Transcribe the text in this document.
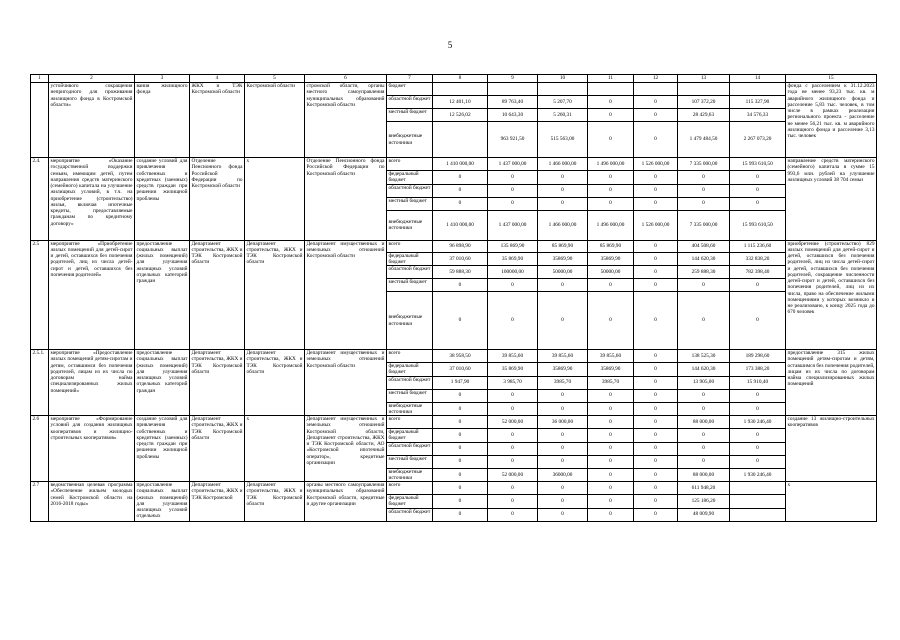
5
1	2	3	4	5	6	7	8	9	10	11	12	13	14	15
	устойчивого сокращения непригодного для проживания жилищного фонда в Костромской области»	вания жилищного фонда	ЖКХ и ТЭК Костромской области	Костромской области	стромской области, органы местного самоуправления муниципальных образований Костромской области	бюджет								фонда с расселением к 31.12.2023 года не менее 93,23 тыс. кв. м аварийного жилищного фонда и расселение 5,83 тыс. человек, в том числе в рамках реализации регионального проекта - расселение не менее 56,21 тыс. кв. м аварийного жилищного фонда и расселение 3,13 тыс. человек
						областной бюджет	12 401,10	89 763,40	5 207,70	0	0	107 372,20	115 327,90	
						местный бюджет	12 526,02	10 643,30	5 260,31	0	0	28 429,63	34 576,33	
						внебюджетные источники		963 921,50	515 563,00	0	0	1 479 484,50	2 267 073,20	
2.4.	мероприятие «Оказание государственной поддержки семьям, имеющим детей, путем направления средств материнского (семейного) капитала на улучшение жилищных условий, в т.ч. на приобретение (строительство) жилья, включая ипотечные кредиты, предоставляемые гражданам по кредитному договору»	создание условий для привлечения собственных и кредитных (заемных) средств граждан при решении жилищной проблемы	Отделение Пенсионного фонда Российской Федерации по Костромской области	х	Отделение Пенсионного фонда Российской Федерации по Костромской области	всего	1 410 000,00	1 437 000,00	1 466 000,00	1 496 000,00	1 526 000,00	7 335 000,00	15 993 610,50	направление средств материнского (семейного) капитала в сумме 15 993,6 млн. рублей на улучшение жилищных условий 38 704 семьи
						федеральный бюджет	0	0	0	0	0	0	0	
						областной бюджет	0	0	0	0	0	0	0	
						местный бюджет	0	0	0	0	0	0	0	
						внебюджетные источники	1 410 000,00	1 437 000,00	1 466 000,00	1 496 000,00	1 526 000,00	7 335 000,00	15 993 610,50	
2.5	мероприятие «Приобретение жилых помещений для детей-сирот и детей, оставшихся без попечения родителей, лиц из числа детей-сирот и детей, оставшихся без попечения родителей»	предоставление социальных выплат (жилых помещений) для улучшения жилищных условий отдельных категорий граждан	Департамент строительства, ЖКХ и ТЭК Костромской области	Департамент строительства, ЖКХ и ТЭК Костромской области	Департамент имущественных и земельных отношений Костромской области	всего	96 898,90	135 869,90	85 869,90	85 869,90	0	404 508,60	1 115 236,60	приобретение (строительство) 829 жилых помещений для детей-сирот и детей, оставшихся без попечения родителей, лиц из числа детей-сирот и детей, оставшихся без попечения родителей, сокращение численности детей-сирот и детей, оставшихся без попечения родителей, лиц из их числа, право на обеспечение жилыми помещениями у которых возникло и не реализовано, к концу 2025 года до 670 человек
						федеральный бюджет	37 010,60	35 869,90	35869,90	35869,90	0	144 620,30	332 838,20	
						областной бюджет	59 888,30	100000,00	50000,00	50000,00	0	259 888,30	782 398,40	
						местный бюджет	0	0	0	0	0	0	0	
						внебюджетные источники	0	0	0	0	0	0	0	
2.5.1.	мероприятие «Предоставление жилых помещений детям-сиротам и детям, оставшимся без попечения родителей, лицам из их числа по договорам найма специализированных жилых помещений»	предоставление социальных выплат (жилых помещений) для улучшения жилищных условий отдельных категорий граждан	Департамент строительства, ЖКХ и ТЭК Костромской области	Департамент строительства, ЖКХ и ТЭК Костромской области	Департамент имущественных и земельных отношений Костромской области	всего	38 958,50	39 855,60	39 855,60	39 855,60	0	138 525,30	189 298,60	предоставление 315 жилых помещений детям-сиротам и детям, оставшимся без попечения родителей, лицам из их числа по договорам найма специализированных жилых помещений
						федеральный бюджет	37 010,60	35 869,90	35869,90	35869,90	0	144 620,30	173 388,20	
						областной бюджет	1 947,90	3 985,70	3985,70	3985,70	0	13 905,00	15 910,40	
						местный бюджет	0	0	0	0	0	0	0	
						внебюджетные источники	0	0	0	0	0	0	0	
2.6	мероприятие «Формирование условий для создания жилищных кооперативов и жилищно-строительных кооперативов»	создание условий для привлечения собственных и кредитных (заемных) средств граждан при решении жилищной проблемы	Департамент строительства, ЖКХ и ТЭК Костромской области	х	Департамент имущественных и земельных отношений Костромской области, Департамент строительства, ЖКХ и ТЭК Костромской области, АО «Костромской ипотечный оператор», кредитные организации	всего	0	52 000,00	36 000,00	0	0	88 000,00	1 930 246,40	создание 13 жилищно-строительных кооперативов
						федеральный бюджет	0	0	0	0	0	0	0	
						областной бюджет	0	0	0	0	0	0	0	
						местный бюджет	0	0	0	0	0	0	0	
						внебюджетные источники	0	52 000,00	36000,00	0	0	88 000,00	1 930 246,40	
2.7	ведомственная целевая программа «Обеспечение жильем молодых семей Костромской области на 2016-2018 годы»	предоставление социальных выплат (жилых помещений) для улучшения жилищных условий отдельных	Департамент строительства, ЖКХ и ТЭК Костромской	Департамент строительства, ЖКХ и ТЭК Костромской области	органы местного самоуправления муниципальных образований Костромской области, кредитные и другие организации	всего	0	0	0	0	0	611 948,20		х
						федеральный бюджет	0	0	0	0	0	125 186,20		
						областной бюджет	0	0	0	0	0	48 009,90		
